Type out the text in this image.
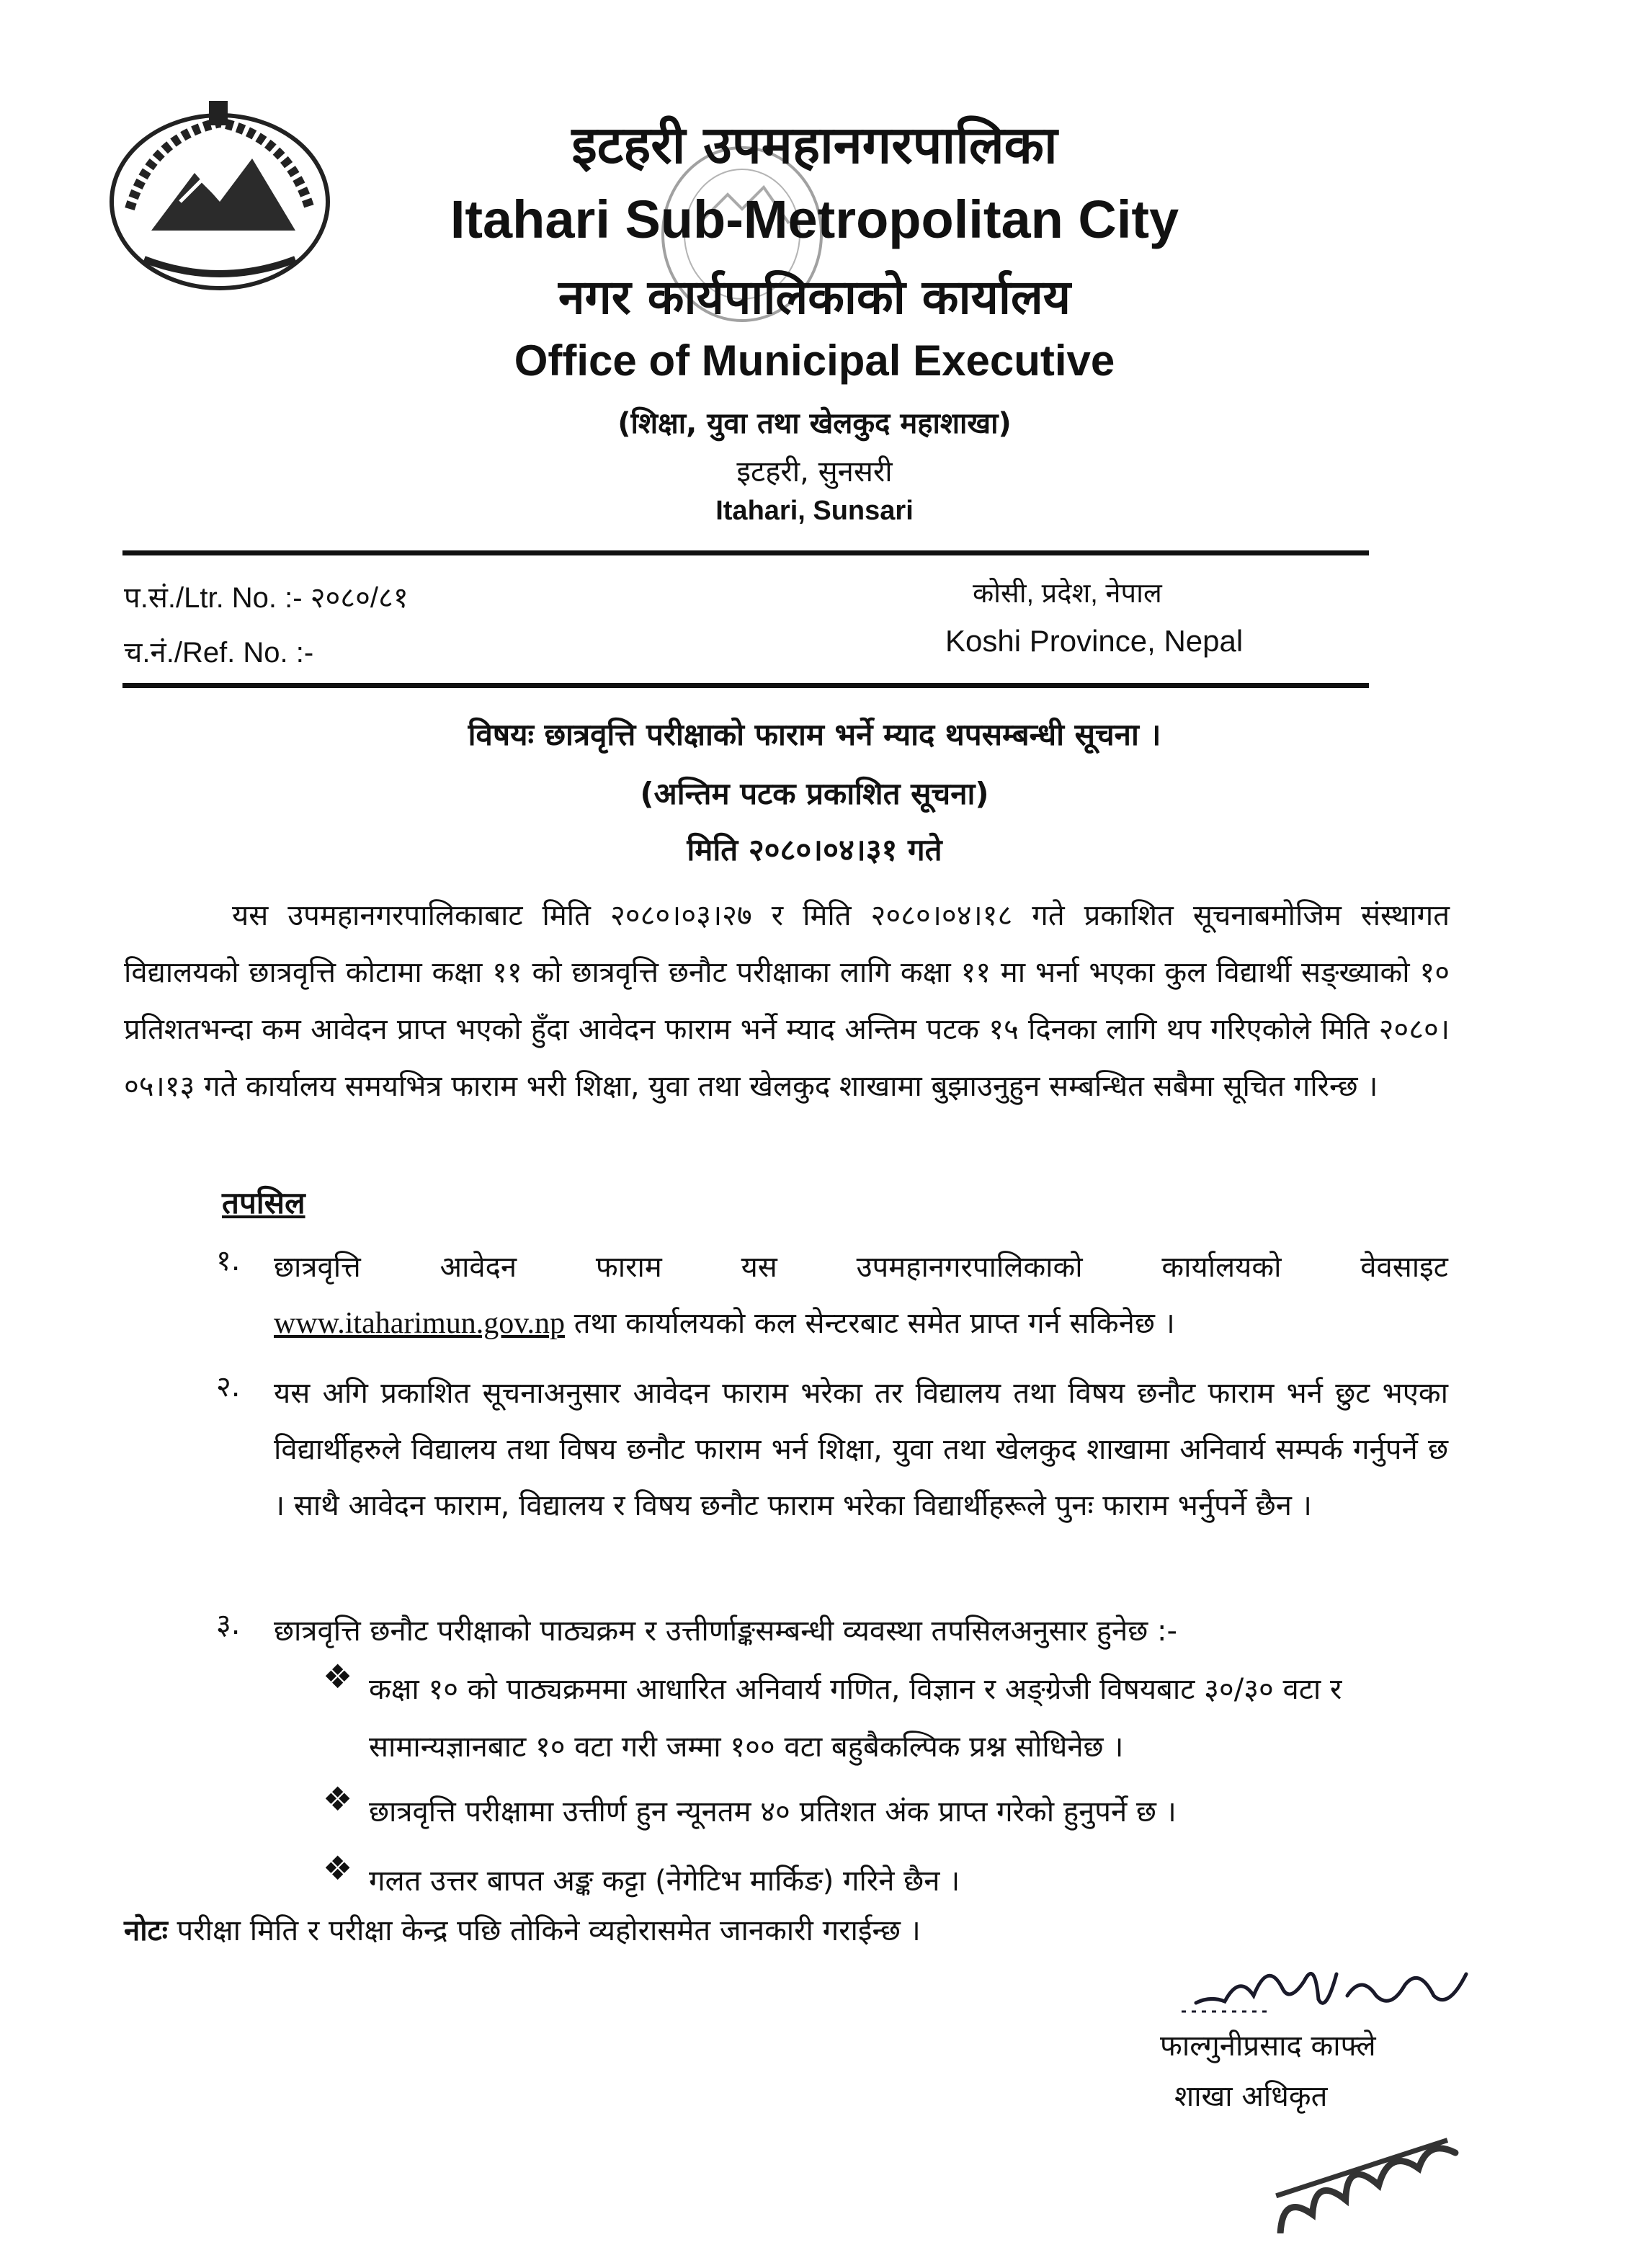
इटहरी उपमहानगरपालिका
Itahari Sub-Metropolitan City
नगर कार्यपालिकाको कार्यालय
Office of Municipal Executive
(शिक्षा, युवा तथा खेलकुद महाशाखा)
इटहरी, सुनसरी
Itahari, Sunsari
प.सं./Ltr. No. :- २०८०/८१
च.नं./Ref. No. :-
कोसी, प्रदेश, नेपाल
Koshi Province, Nepal
विषयः छात्रवृत्ति परीक्षाको फाराम भर्ने म्याद थपसम्बन्धी सूचना ।
(अन्तिम पटक प्रकाशित सूचना)
मिति २०८०।०४।३१ गते
यस उपमहानगरपालिकाबाट मिति २०८०।०३।२७ र मिति २०८०।०४।१८ गते प्रकाशित सूचनाबमोजिम संस्थागत विद्यालयको छात्रवृत्ति कोटामा कक्षा ११ को छात्रवृत्ति छनौट परीक्षाका लागि कक्षा ११ मा भर्ना भएका कुल विद्यार्थी सङ्ख्याको १० प्रतिशतभन्दा कम आवेदन प्राप्त भएको हुँदा आवेदन फाराम भर्ने म्याद अन्तिम पटक १५ दिनका लागि थप गरिएकोले मिति २०८०।०५।१३ गते कार्यालय समयभित्र फाराम भरी शिक्षा, युवा तथा खेलकुद शाखामा बुझाउनुहुन सम्बन्धित सबैमा सूचित गरिन्छ ।
तपसिल
१. छात्रवृत्ति	आवेदन	फाराम	यस	उपमहानगरपालिकाको	कार्यालयको	वेवसाइट
www.itaharimun.gov.np तथा कार्यालयको कल सेन्टरबाट समेत प्राप्त गर्न सकिनेछ ।
२. यस अगि प्रकाशित सूचनाअनुसार आवेदन फाराम भरेका तर विद्यालय तथा विषय छनौट फाराम भर्न छुट भएका विद्यार्थीहरुले विद्यालय तथा विषय छनौट फाराम भर्न शिक्षा, युवा तथा खेलकुद शाखामा अनिवार्य सम्पर्क गर्नुपर्ने छ । साथै आवेदन फाराम, विद्यालय र विषय छनौट फाराम भरेका विद्यार्थीहरूले पुनः फाराम भर्नुपर्ने छैन ।
३. छात्रवृत्ति छनौट परीक्षाको पाठ्यक्रम र उत्तीर्णाङ्कसम्बन्धी व्यवस्था तपसिलअनुसार हुनेछ :-
❖ कक्षा १० को पाठ्यक्रममा आधारित अनिवार्य गणित, विज्ञान र अङ्ग्रेजी विषयबाट ३०/३० वटा र सामान्यज्ञानबाट १० वटा गरी जम्मा १०० वटा बहुबैकल्पिक प्रश्न सोधिनेछ ।
❖ छात्रवृत्ति परीक्षामा उत्तीर्ण हुन न्यूनतम ४० प्रतिशत अंक प्राप्त गरेको हुनुपर्ने छ ।
❖ गलत उत्तर बापत अङ्क कट्टा (नेगेटिभ मार्किङ) गरिने छैन ।
नोटः परीक्षा मिति र परीक्षा केन्द्र पछि तोकिने व्यहोरासमेत जानकारी गराईन्छ ।
फाल्गुनीप्रसाद काफ्ले
शाखा अधिकृत
